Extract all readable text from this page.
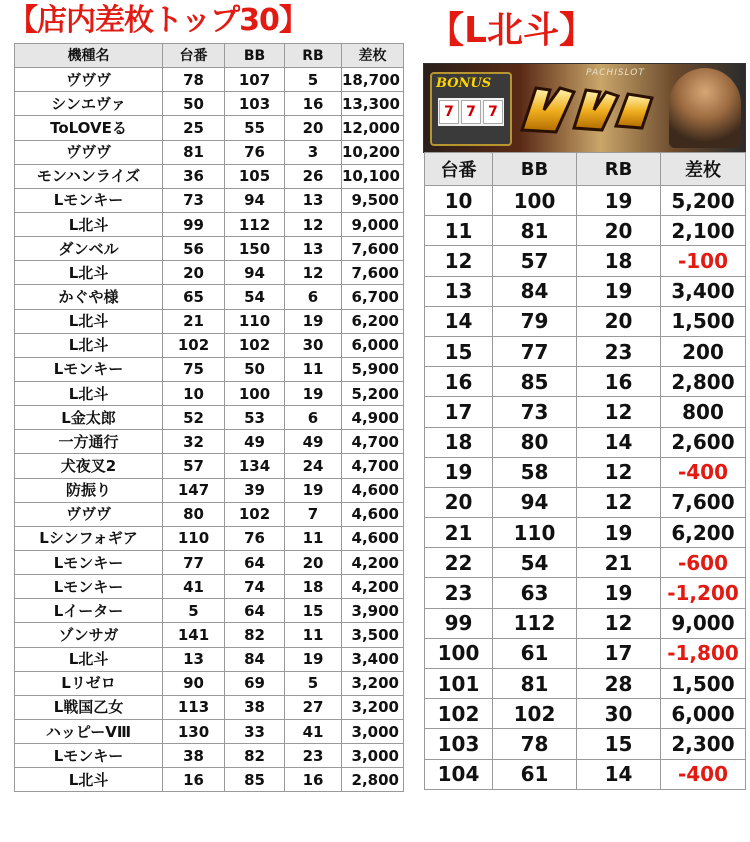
【店内差枚トップ30】
機種名	台番	BB	RB	差枚
ヴヴヴ	78	107	5	18,700
シンエヴァ	50	103	16	13,300
ToLOVEる	25	55	20	12,000
ヴヴヴ	81	76	3	10,200
モンハンライズ	36	105	26	10,100
Lモンキー	73	94	13	9,500
L北斗	99	112	12	9,000
ダンベル	56	150	13	7,600
L北斗	20	94	12	7,600
かぐや様	65	54	6	6,700
L北斗	21	110	19	6,200
L北斗	102	102	30	6,000
Lモンキー	75	50	11	5,900
L北斗	10	100	19	5,200
L金太郎	52	53	6	4,900
一方通行	32	49	49	4,700
犬夜叉2	57	134	24	4,700
防振り	147	39	19	4,600
ヴヴヴ	80	102	7	4,600
Lシンフォギア	110	76	11	4,600
Lモンキー	77	64	20	4,200
Lモンキー	41	74	18	4,200
Lイーター	5	64	15	3,900
ゾンサガ	141	82	11	3,500
L北斗	13	84	19	3,400
Lリゼロ	90	69	5	3,200
L戦国乙女	113	38	27	3,200
ハッピーVⅢ	130	33	41	3,000
Lモンキー	38	82	23	3,000
L北斗	16	85	16	2,800
【L北斗】
BONUS
7 7 7
PACHISLOT
台番	BB	RB	差枚
10	100	19	5,200
11	81	20	2,100
12	57	18	-100
13	84	19	3,400
14	79	20	1,500
15	77	23	200
16	85	16	2,800
17	73	12	800
18	80	14	2,600
19	58	12	-400
20	94	12	7,600
21	110	19	6,200
22	54	21	-600
23	63	19	-1,200
99	112	12	9,000
100	61	17	-1,800
101	81	28	1,500
102	102	30	6,000
103	78	15	2,300
104	61	14	-400
